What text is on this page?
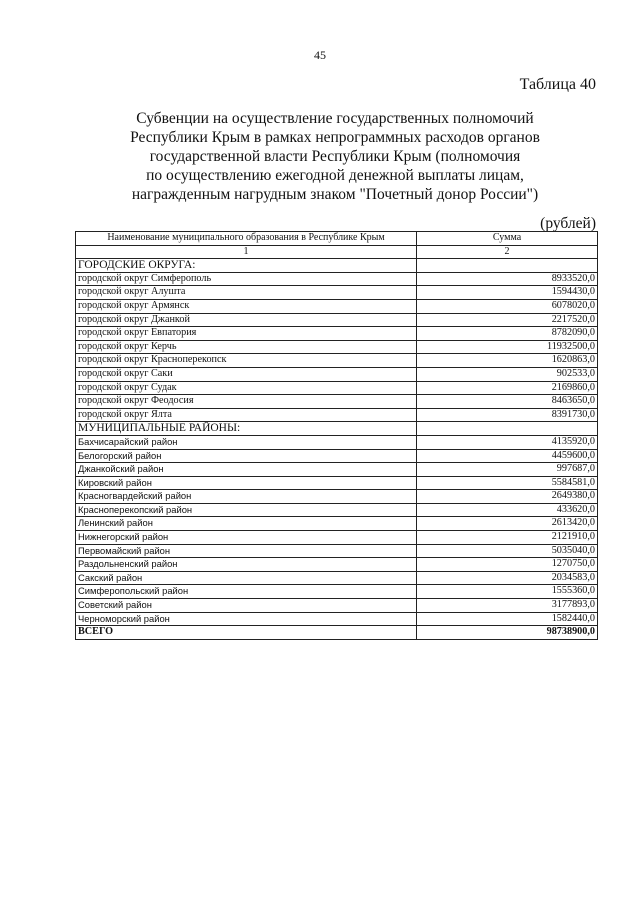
45
Таблица 40
Субвенции на осуществление государственных полномочий
Республики Крым в рамках непрограммных расходов органов
государственной власти Республики Крым (полномочия
по осуществлению ежегодной денежной выплаты лицам,
награжденным нагрудным знаком "Почетный донор России")
(рублей)
Наименование муниципального образования в Республике Крым	Сумма
1	2
ГОРОДСКИЕ ОКРУГА:	
городской округ Симферополь	8933520,0
городской округ Алушта	1594430,0
городской округ Армянск	6078020,0
городской округ Джанкой	2217520,0
городской округ Евпатория	8782090,0
городской округ Керчь	11932500,0
городской округ Красноперекопск	1620863,0
городской округ Саки	902533,0
городской округ Судак	2169860,0
городской округ Феодосия	8463650,0
городской округ Ялта	8391730,0
МУНИЦИПАЛЬНЫЕ РАЙОНЫ:	
Бахчисарайский район	4135920,0
Белогорский район	4459600,0
Джанкойский район	997687,0
Кировский район	5584581,0
Красногвардейский район	2649380,0
Красноперекопский район	433620,0
Ленинский район	2613420,0
Нижнегорский район	2121910,0
Первомайский район	5035040,0
Раздольненский район	1270750,0
Сакский район	2034583,0
Симферопольский район	1555360,0
Советский район	3177893,0
Черноморский район	1582440,0
ВСЕГО	98738900,0
